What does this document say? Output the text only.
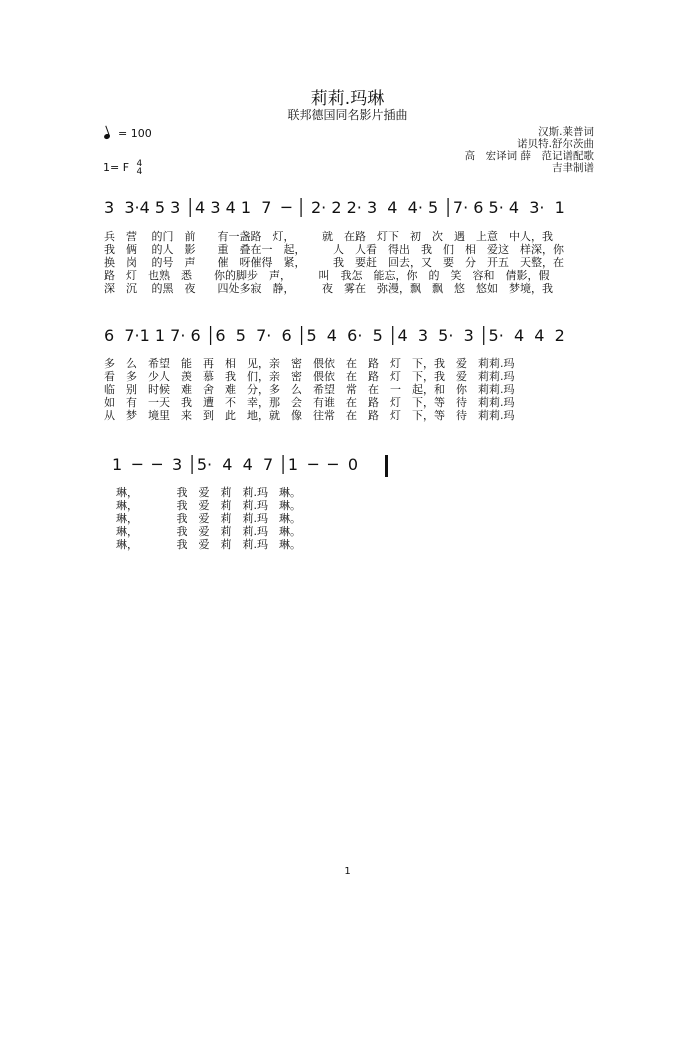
莉莉.玛琳
联邦德国同名影片插曲
= 100
1= F 4
4
汉斯.莱普词
诺贝特.舒尔茨曲
高　宏译词 薛　范记谱配歌
吉聿制谱

3  3·4 5 3 │4 3 4 1  7  ─ │ 2· 2 2· 3  4  4· 5 │7· 6 5· 4  3·  1

兵　营　 的门　前　　有一盏路　灯，　　　就　在路　灯下　初　次　遇　上意　中人，我
我　俩　 的人　影　　重　叠在一　起，　　　人　人看　得出　我　们　相　爱这　样深，你
换　岗　 的号　声　　催　呀催得　紧，　　　我　要赶　回去，又　要　分　开五　天整，在
路　灯　也熟　悉　　你的脚步　声，　　　叫　我怎　能忘，你　的　笑　容和　倩影，假
深　沉　 的黑　夜　　四处多寂　静，　　　夜　雾在　弥漫，飘　飘　悠　悠如　梦境，我

6  7·1 1 7· 6 │6  5  7·  6 │5  4  6·  5 │4  3  5·  3 │5·  4  4  2

多　么　希望　能　再　相　见，亲　密　偎依　在　路　灯　下，我　爱　莉莉.玛
看　多　少人　羡　慕　我　们，亲　密　偎依　在　路　灯　下，我　爱　莉莉.玛
临　别　时候　难　舍　难　分，多　么　希望　常　在　一　起，和　你　莉莉.玛
如　有　一天　我　遭　不　幸，那　会　有谁　在　路　灯　下，等　待　莉莉.玛
从　梦　境里　来　到　此　地，就　像　往常　在　路　灯　下，等　待　莉莉.玛

1  ─  ─  3 │5·  4  4  7 │1  ─  ─  0

琳，　　　　我　爱　莉　莉.玛　琳。
琳，　　　　我　爱　莉　莉.玛　琳。
琳，　　　　我　爱　莉　莉.玛　琳。
琳，　　　　我　爱　莉　莉.玛　琳。
琳，　　　　我　爱　莉　莉.玛　琳。
1
